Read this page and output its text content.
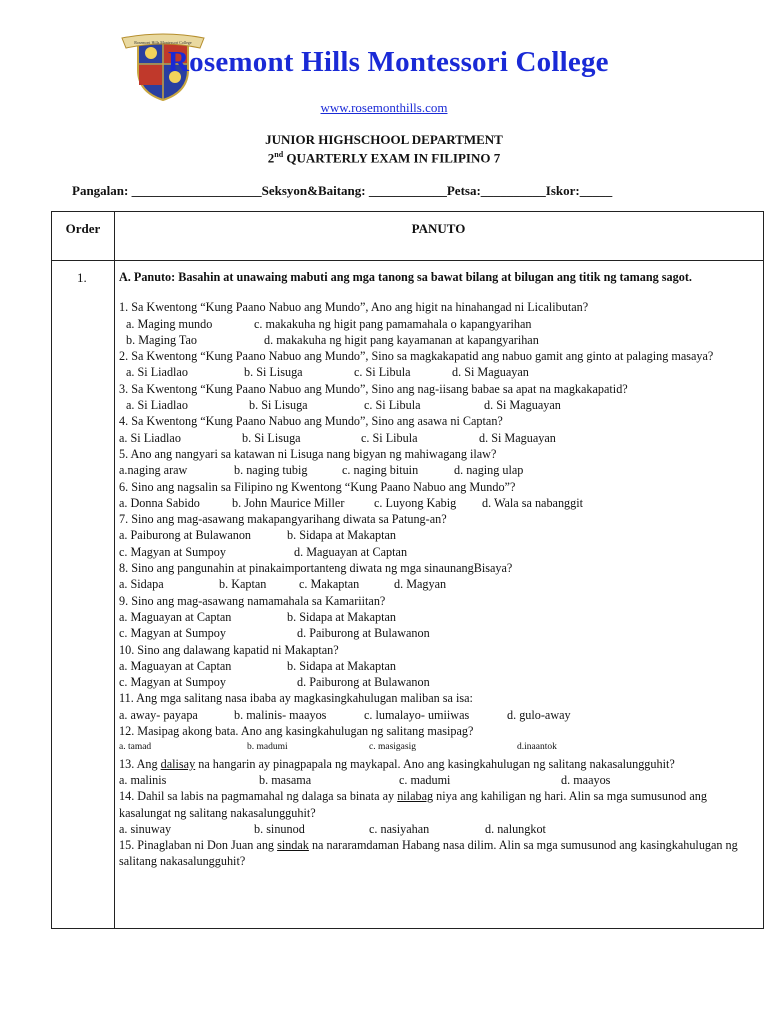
Rosemont Hills Montessori College
Rosemont Hills Montessori College
www.rosemonthills.com
JUNIOR HIGHSCHOOL DEPARTMENT
2nd QUARTERLY EXAM IN FILIPINO 7
Pangalan: ____________________Seksyon&Baitang: ____________Petsa:__________Iskor:_____
Order	PANUTO
1.	A. Panuto: Basahin at unawaing mabuti ang mga tanong sa bawat bilang at bilugan ang titik ng tamang sagot.
1. Sa Kwentong “Kung Paano Nabuo ang Mundo”, Ano ang higit na hinahangad ni Licalibutan?
a. Maging mundo	c. makakuha ng higit pang pamamahala o kapangyarihan
b. Maging Tao	d. makakuha ng higit pang kayamanan at kapangyarihan
2. Sa Kwentong “Kung Paano Nabuo ang Mundo”, Sino sa magkakapatid ang nabuo gamit ang ginto at palaging masaya?
a. Si Liadlao	b. Si Lisuga	c. Si Libula	d. Si Maguayan
3. Sa Kwentong “Kung Paano Nabuo ang Mundo”, Sino ang nag-iisang babae sa apat na magkakapatid?
a. Si Liadlao	b. Si Lisuga	c. Si Libula	d. Si Maguayan
4. Sa Kwentong “Kung Paano Nabuo ang Mundo”, Sino ang asawa ni Captan?
a. Si Liadlao	b. Si Lisuga	c. Si Libula	d. Si Maguayan
5. Ano ang nangyari sa katawan ni Lisuga nang bigyan ng mahiwagang ilaw?
a.naging araw	b. naging tubig	c. naging bituin	d. naging ulap
6. Sino ang nagsalin sa Filipino ng Kwentong “Kung Paano Nabuo ang Mundo”?
a. Donna Sabido	b. John Maurice Miller c. Luyong Kabig d. Wala sa nabanggit
7. Sino ang mag-asawang makapangyarihang diwata sa Patung-an?
a. Paiburong at Bulawanon	b. Sidapa at Makaptan
c. Magyan at Sumpoy	d. Maguayan at Captan
8. Sino ang pangunahin at pinakaimportanteng diwata ng mga sinaunangBisaya?
a. Sidapa	b. Kaptan	c. Makaptan	d. Magyan
9. Sino ang mag-asawang namamahala sa Kamariitan?
a. Maguayan at Captan	b. Sidapa at Makaptan
c. Magyan at Sumpoy	d. Paiburong at Bulawanon
10. Sino ang dalawang kapatid ni Makaptan?
a. Maguayan at Captan	b. Sidapa at Makaptan
c. Magyan at Sumpoy	d. Paiburong at Bulawanon
11. Ang mga salitang nasa ibaba ay magkasingkahulugan maliban sa isa:
a. away- payapa	b. malinis- maayos	c. lumalayo- umiiwas	d. gulo-away
12. Masipag akong bata. Ano ang kasingkahulugan ng salitang masipag?
a. tamad	b. madumi	c. masigasig	d.inaantok
13. Ang dalisay na hangarin ay pinagpapala ng maykapal. Ano ang kasingkahulugan ng salitang nakasalungguhit?
a. malinis	b. masama	c. madumi	d. maayos
14. Dahil sa labis na pagmamahal ng dalaga sa binata ay nilabag niya ang kahiligan ng hari. Alin sa mga sumusunod ang kasalungat ng salitang nakasalungguhit?
a. sinuway	b. sinunod	c. nasiyahan	d. nalungkot
15. Pinaglaban ni Don Juan ang sindak na nararamdaman Habang nasa dilim. Alin sa mga sumusunod ang kasingkahulugan ng salitang nakasalungguhit?
